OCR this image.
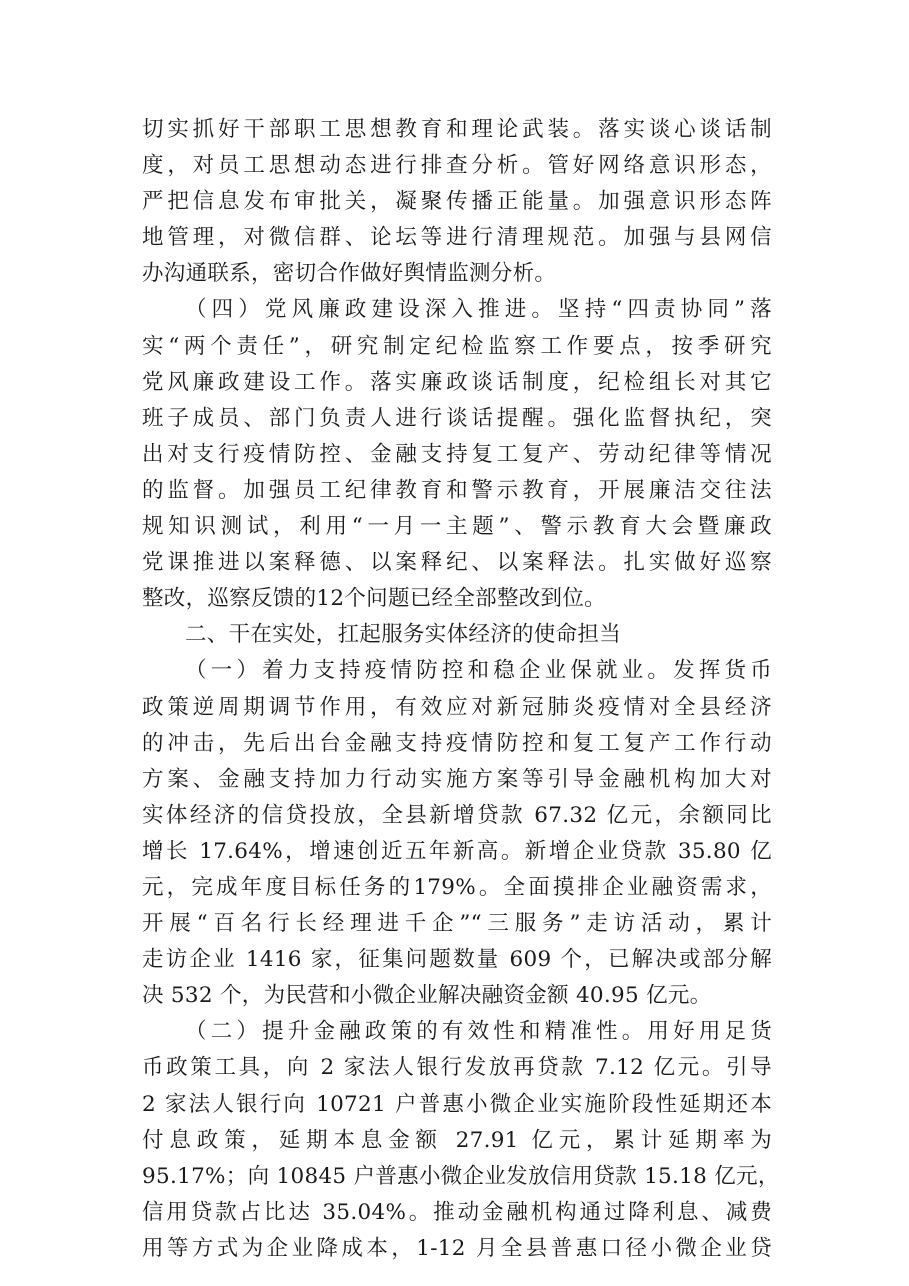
切实抓好干部职工思想教育和理论武装。落实谈心谈话制
度，对员工思想动态进行排查分析。管好网络意识形态，
严把信息发布审批关，凝聚传播正能量。加强意识形态阵
地管理，对微信群、论坛等进行清理规范。加强与县网信
办沟通联系，密切合作做好舆情监测分析。
（四）党风廉政建设深入推进。坚持“四责协同”落
实“两个责任”，研究制定纪检监察工作要点，按季研究
党风廉政建设工作。落实廉政谈话制度，纪检组长对其它
班子成员、部门负责人进行谈话提醒。强化监督执纪，突
出对支行疫情防控、金融支持复工复产、劳动纪律等情况
的监督。加强员工纪律教育和警示教育，开展廉洁交往法
规知识测试，利用“一月一主题”、警示教育大会暨廉政
党课推进以案释德、以案释纪、以案释法。扎实做好巡察
整改，巡察反馈的12个问题已经全部整改到位。
二、干在实处，扛起服务实体经济的使命担当
（一）着力支持疫情防控和稳企业保就业。发挥货币
政策逆周期调节作用，有效应对新冠肺炎疫情对全县经济
的冲击，先后出台金融支持疫情防控和复工复产工作行动
方案、金融支持加力行动实施方案等引导金融机构加大对
实体经济的信贷投放，全县新增贷款 67.32 亿元，余额同比
增长 17.64%，增速创近五年新高。新增企业贷款 35.80 亿
元，完成年度目标任务的179%。全面摸排企业融资需求，
开展“百名行长经理进千企”“三服务”走访活动，累计
走访企业 1416 家，征集问题数量 609 个，已解决或部分解
决 532 个，为民营和小微企业解决融资金额 40.95 亿元。
（二）提升金融政策的有效性和精准性。用好用足货
币政策工具，向 2 家法人银行发放再贷款 7.12 亿元。引导
2 家法人银行向 10721 户普惠小微企业实施阶段性延期还本
付息政策，延期本息金额 27.91 亿元，累计延期率为
95.17%；向 10845 户普惠小微企业发放信用贷款 15.18 亿元，
信用贷款占比达 35.04%。推动金融机构通过降利息、减费
用等方式为企业降成本，1-12 月全县普惠口径小微企业贷
